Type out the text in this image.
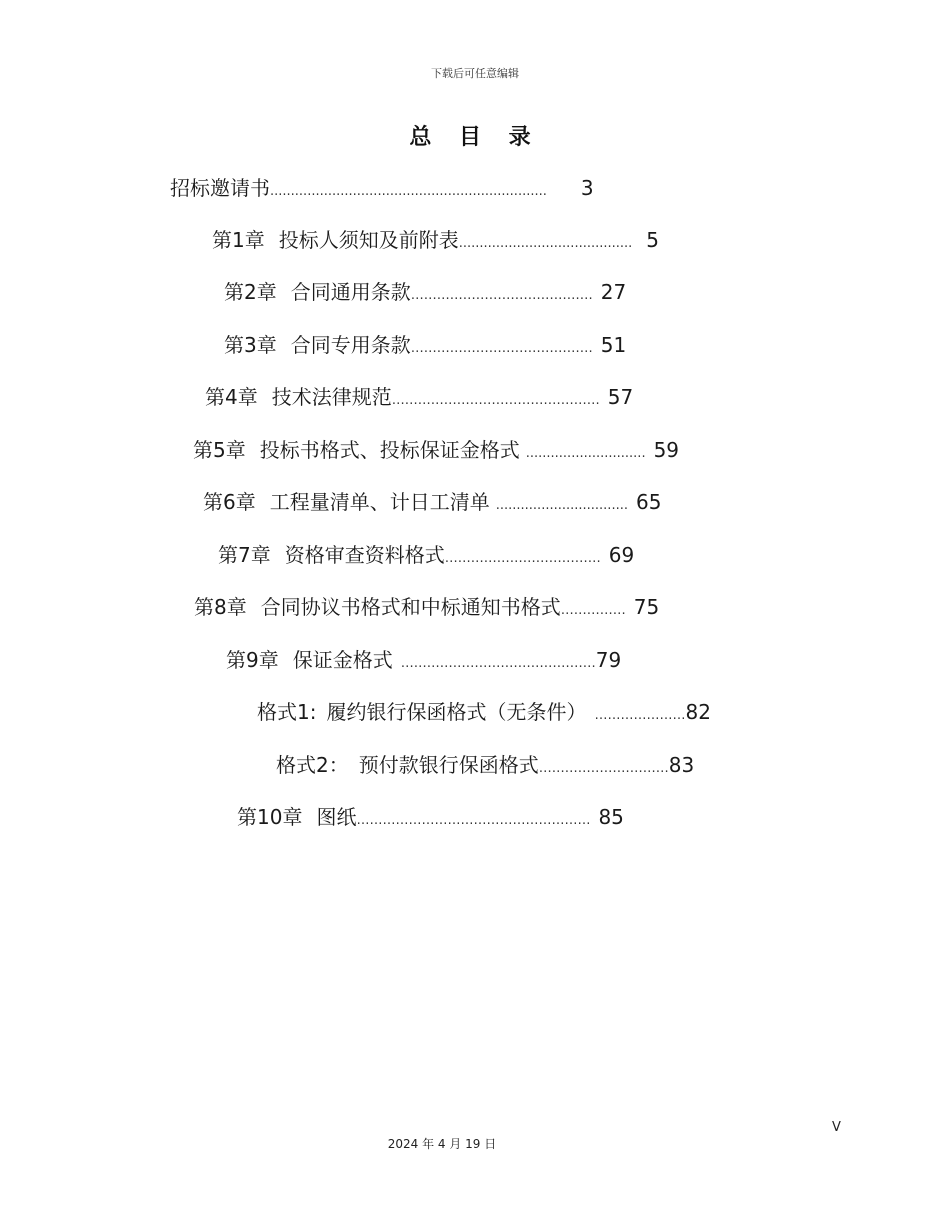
下载后可任意编辑
总 目 录
招标邀请书................................................................... 3
第1章 投标人须知及前附表.......................................... 5
第2章 合同通用条款…………………………………… 27
第3章 合同专用条款…………………………………… 51
第4章 技术法律规范………………………………………… 57
第5章 投标书格式、投标保证金格式 ............................. 59
第6章 工程量清单、计日工清单 ................................ 65
第7章 资格审查资料格式……………………………… 69
第8章 合同协议书格式和中标通知书格式…………… 75
第9章 保证金格式 ………………………………………79
格式1: 履约银行保函格式（无条件） …………………82
格式2： 预付款银行保函格式…………………………83
第10章 图纸……………………………………………… 85
V
2024 年 4 月 19 日
